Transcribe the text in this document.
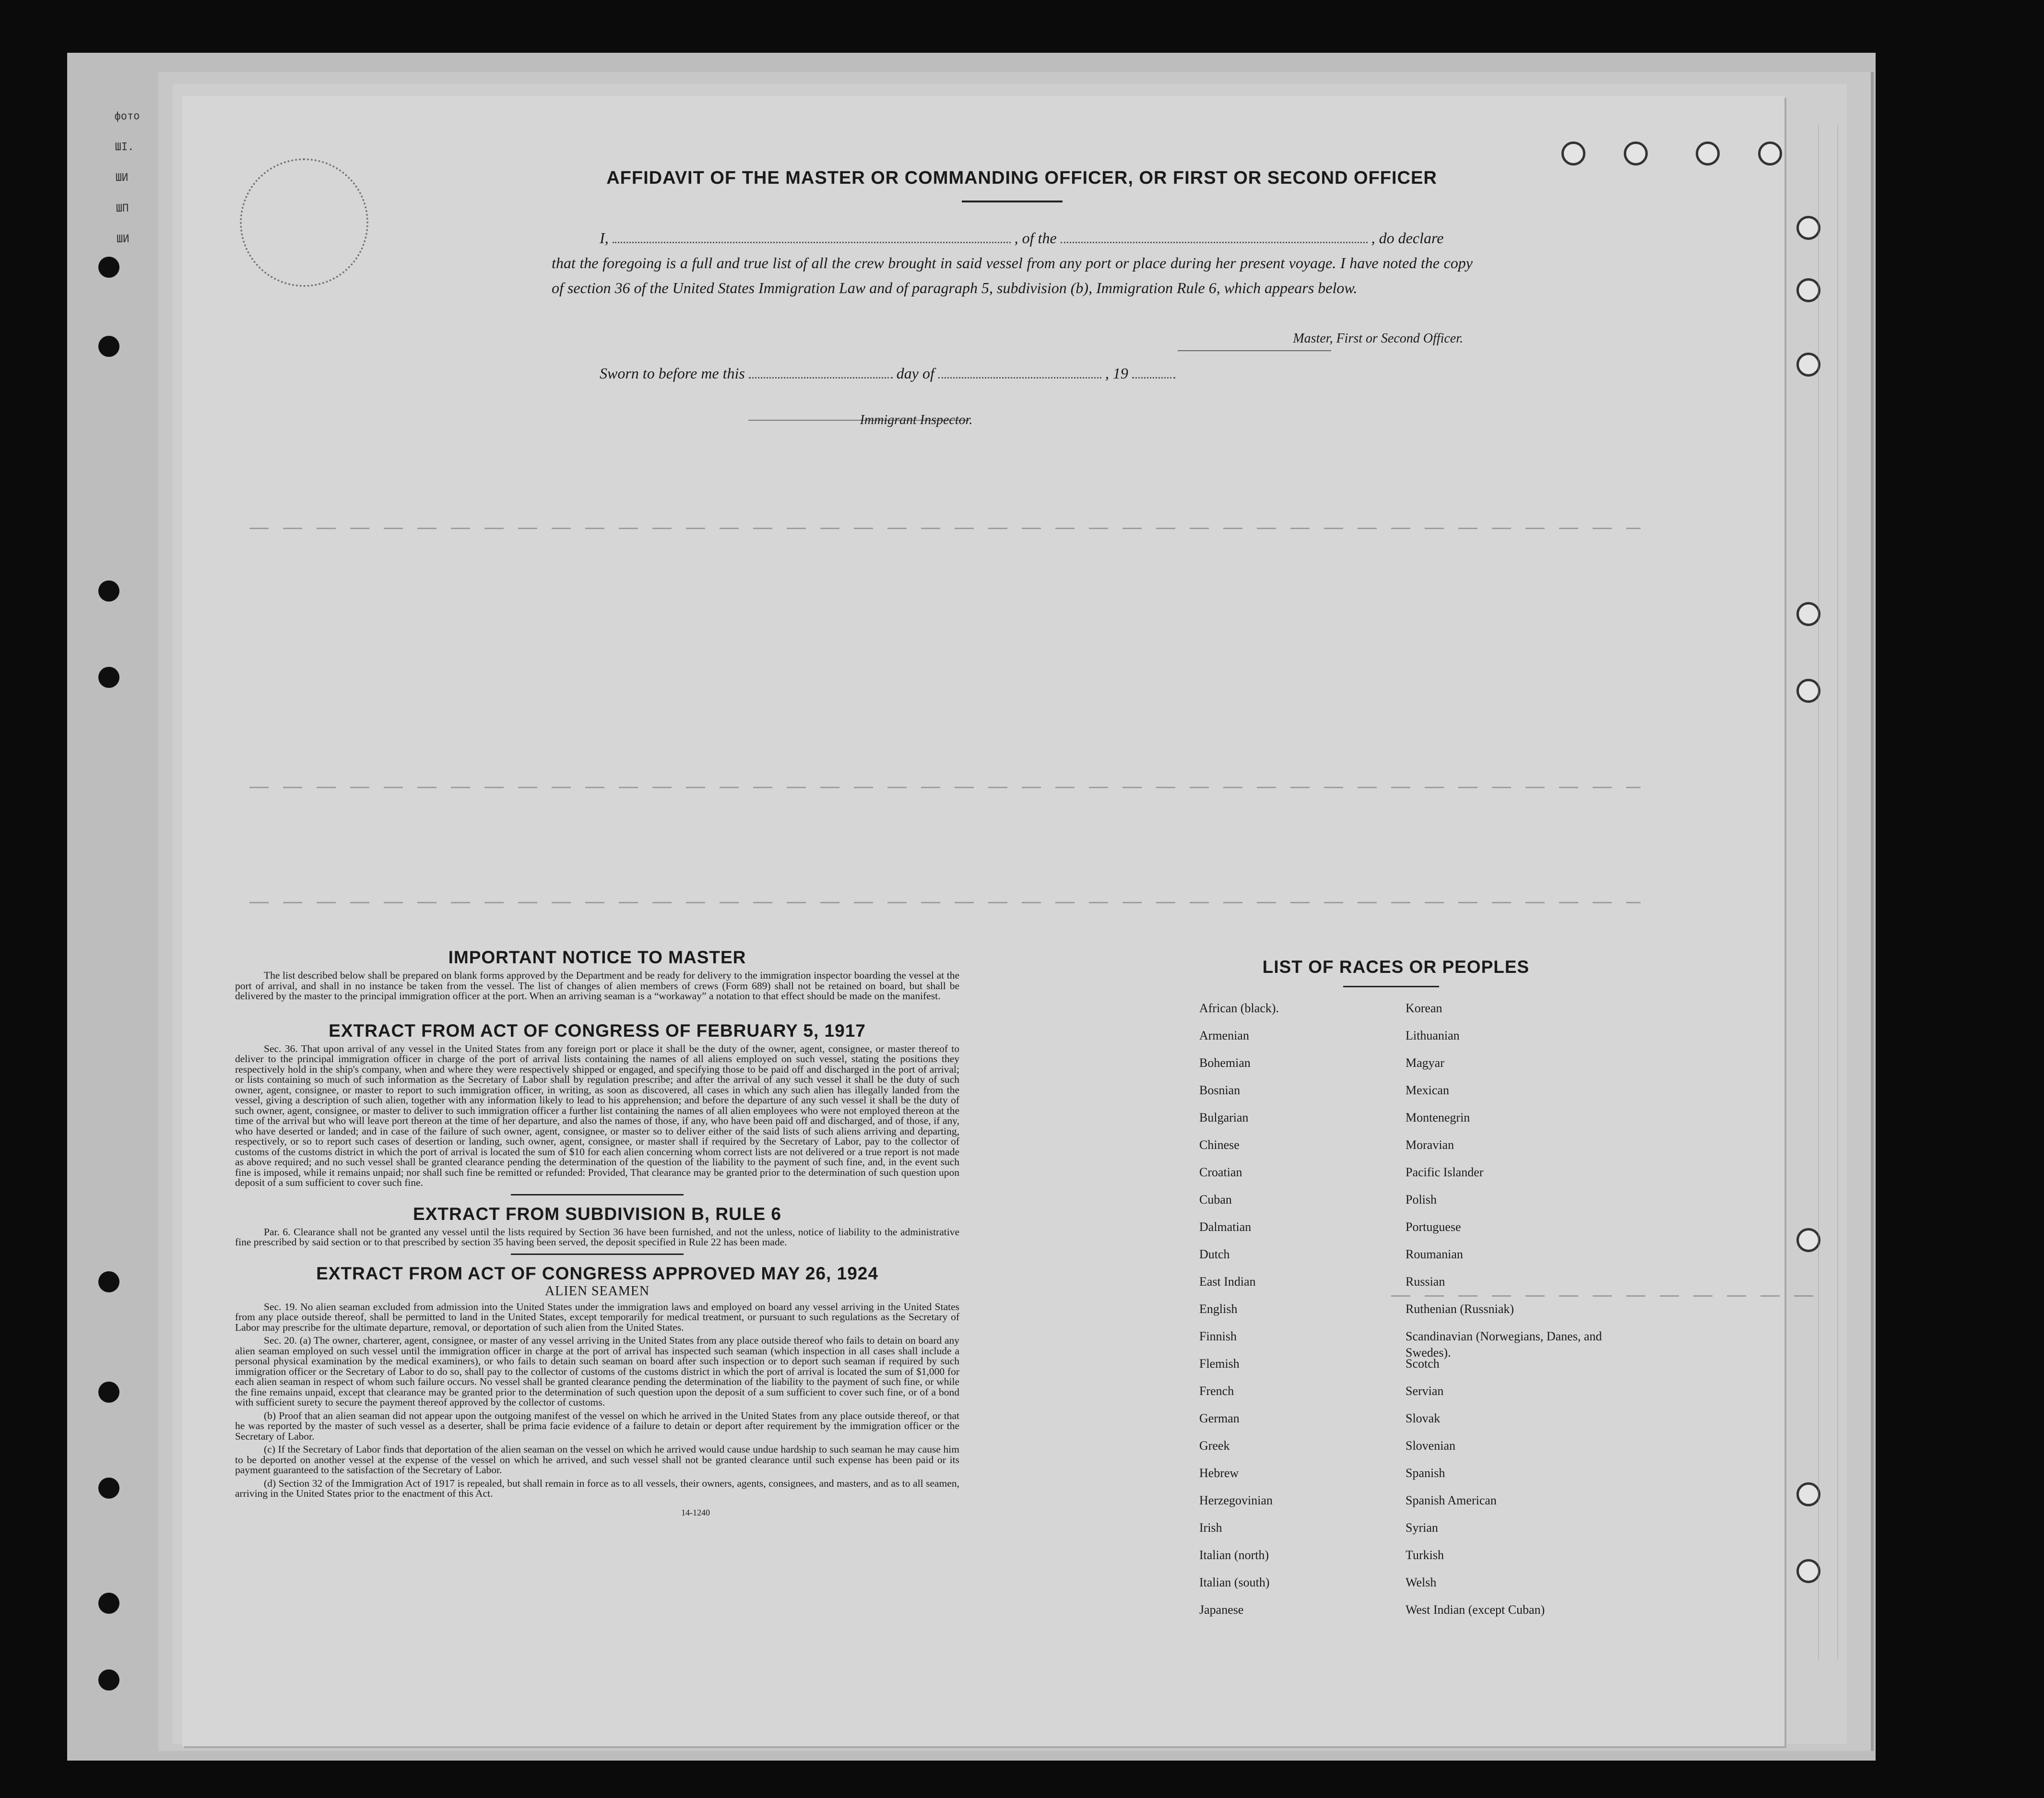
фото
ШІ.
ШИ
ШП
ШИ
AFFIDAVIT OF THE MASTER OR COMMANDING OFFICER, OR FIRST OR SECOND OFFICER
I,	, of the	, do declare
that the foregoing is a full and true list of all the crew brought in said vessel from any port or place during her present voyage. I have noted the copy of section 36 of the United States Immigration Law and of paragraph 5, subdivision (b), Immigration Rule 6, which appears below.
Master, First or Second Officer.
Sworn to before me this	day of	, 19
Immigrant Inspector.
IMPORTANT NOTICE TO MASTER
The list described below shall be prepared on blank forms approved by the Department and be ready for delivery to the immigration inspector boarding the vessel at the port of arrival, and shall in no instance be taken from the vessel. The list of changes of alien members of crews (Form 689) shall not be retained on board, but shall be delivered by the master to the principal immigration officer at the port. When an arriving seaman is a “workaway” a notation to that effect should be made on the manifest.
EXTRACT FROM ACT OF CONGRESS OF FEBRUARY 5, 1917
Sec. 36. That upon arrival of any vessel in the United States from any foreign port or place it shall be the duty of the owner, agent, consignee, or master thereof to deliver to the principal immigration officer in charge of the port of arrival lists containing the names of all aliens employed on such vessel, stating the positions they respectively hold in the ship's company, when and where they were respectively shipped or engaged, and specifying those to be paid off and discharged in the port of arrival; or lists containing so much of such information as the Secretary of Labor shall by regulation prescribe; and after the arrival of any such vessel it shall be the duty of such owner, agent, consignee, or master to report to such immigration officer, in writing, as soon as discovered, all cases in which any such alien has illegally landed from the vessel, giving a description of such alien, together with any information likely to lead to his apprehension; and before the departure of any such vessel it shall be the duty of such owner, agent, consignee, or master to deliver to such immigration officer a further list containing the names of all alien employees who were not employed thereon at the time of the arrival but who will leave port thereon at the time of her departure, and also the names of those, if any, who have been paid off and discharged, and of those, if any, who have deserted or landed; and in case of the failure of such owner, agent, consignee, or master so to deliver either of the said lists of such aliens arriving and departing, respectively, or so to report such cases of desertion or landing, such owner, agent, consignee, or master shall if required by the Secretary of Labor, pay to the collector of customs of the customs district in which the port of arrival is located the sum of $10 for each alien concerning whom correct lists are not delivered or a true report is not made as above required; and no such vessel shall be granted clearance pending the determination of the question of the liability to the payment of such fine, and, in the event such fine is imposed, while it remains unpaid; nor shall such fine be remitted or refunded: Provided, That clearance may be granted prior to the determination of such question upon deposit of a sum sufficient to cover such fine.
EXTRACT FROM SUBDIVISION B, RULE 6
Par. 6. Clearance shall not be granted any vessel until the lists required by Section 36 have been furnished, and not the unless, notice of liability to the administrative fine prescribed by said section or to that prescribed by section 35 having been served, the deposit specified in Rule 22 has been made.
EXTRACT FROM ACT OF CONGRESS APPROVED MAY 26, 1924
ALIEN SEAMEN
Sec. 19. No alien seaman excluded from admission into the United States under the immigration laws and employed on board any vessel arriving in the United States from any place outside thereof, shall be permitted to land in the United States, except temporarily for medical treatment, or pursuant to such regulations as the Secretary of Labor may prescribe for the ultimate departure, removal, or deportation of such alien from the United States.
Sec. 20. (a) The owner, charterer, agent, consignee, or master of any vessel arriving in the United States from any place outside thereof who fails to detain on board any alien seaman employed on such vessel until the immigration officer in charge at the port of arrival has inspected such seaman (which inspection in all cases shall include a personal physical examination by the medical examiners), or who fails to detain such seaman on board after such inspection or to deport such seaman if required by such immigration officer or the Secretary of Labor to do so, shall pay to the collector of customs of the customs district in which the port of arrival is located the sum of $1,000 for each alien seaman in respect of whom such failure occurs. No vessel shall be granted clearance pending the determination of the liability to the payment of such fine, or while the fine remains unpaid, except that clearance may be granted prior to the determination of such question upon the deposit of a sum sufficient to cover such fine, or of a bond with sufficient surety to secure the payment thereof approved by the collector of customs.
(b) Proof that an alien seaman did not appear upon the outgoing manifest of the vessel on which he arrived in the United States from any place outside thereof, or that he was reported by the master of such vessel as a deserter, shall be prima facie evidence of a failure to detain or deport after requirement by the immigration officer or the Secretary of Labor.
(c) If the Secretary of Labor finds that deportation of the alien seaman on the vessel on which he arrived would cause undue hardship to such seaman he may cause him to be deported on another vessel at the expense of the vessel on which he arrived, and such vessel shall not be granted clearance until such expense has been paid or its payment guaranteed to the satisfaction of the Secretary of Labor.
(d) Section 32 of the Immigration Act of 1917 is repealed, but shall remain in force as to all vessels, their owners, agents, consignees, and masters, and as to all seamen, arriving in the United States prior to the enactment of this Act.
14-1240
LIST OF RACES OR PEOPLES
African (black).	Korean
Armenian	Lithuanian
Bohemian	Magyar
Bosnian	Mexican
Bulgarian	Montenegrin
Chinese	Moravian
Croatian	Pacific Islander
Cuban	Polish
Dalmatian	Portuguese
Dutch	Roumanian
East Indian	Russian
English	Ruthenian (Russniak)
Finnish	Scandinavian (Norwegians, Danes, and Swedes).
Flemish	Scotch
French	Servian
German	Slovak
Greek	Slovenian
Hebrew	Spanish
Herzegovinian	Spanish American
Irish	Syrian
Italian (north)	Turkish
Italian (south)	Welsh
Japanese	West Indian (except Cuban)
